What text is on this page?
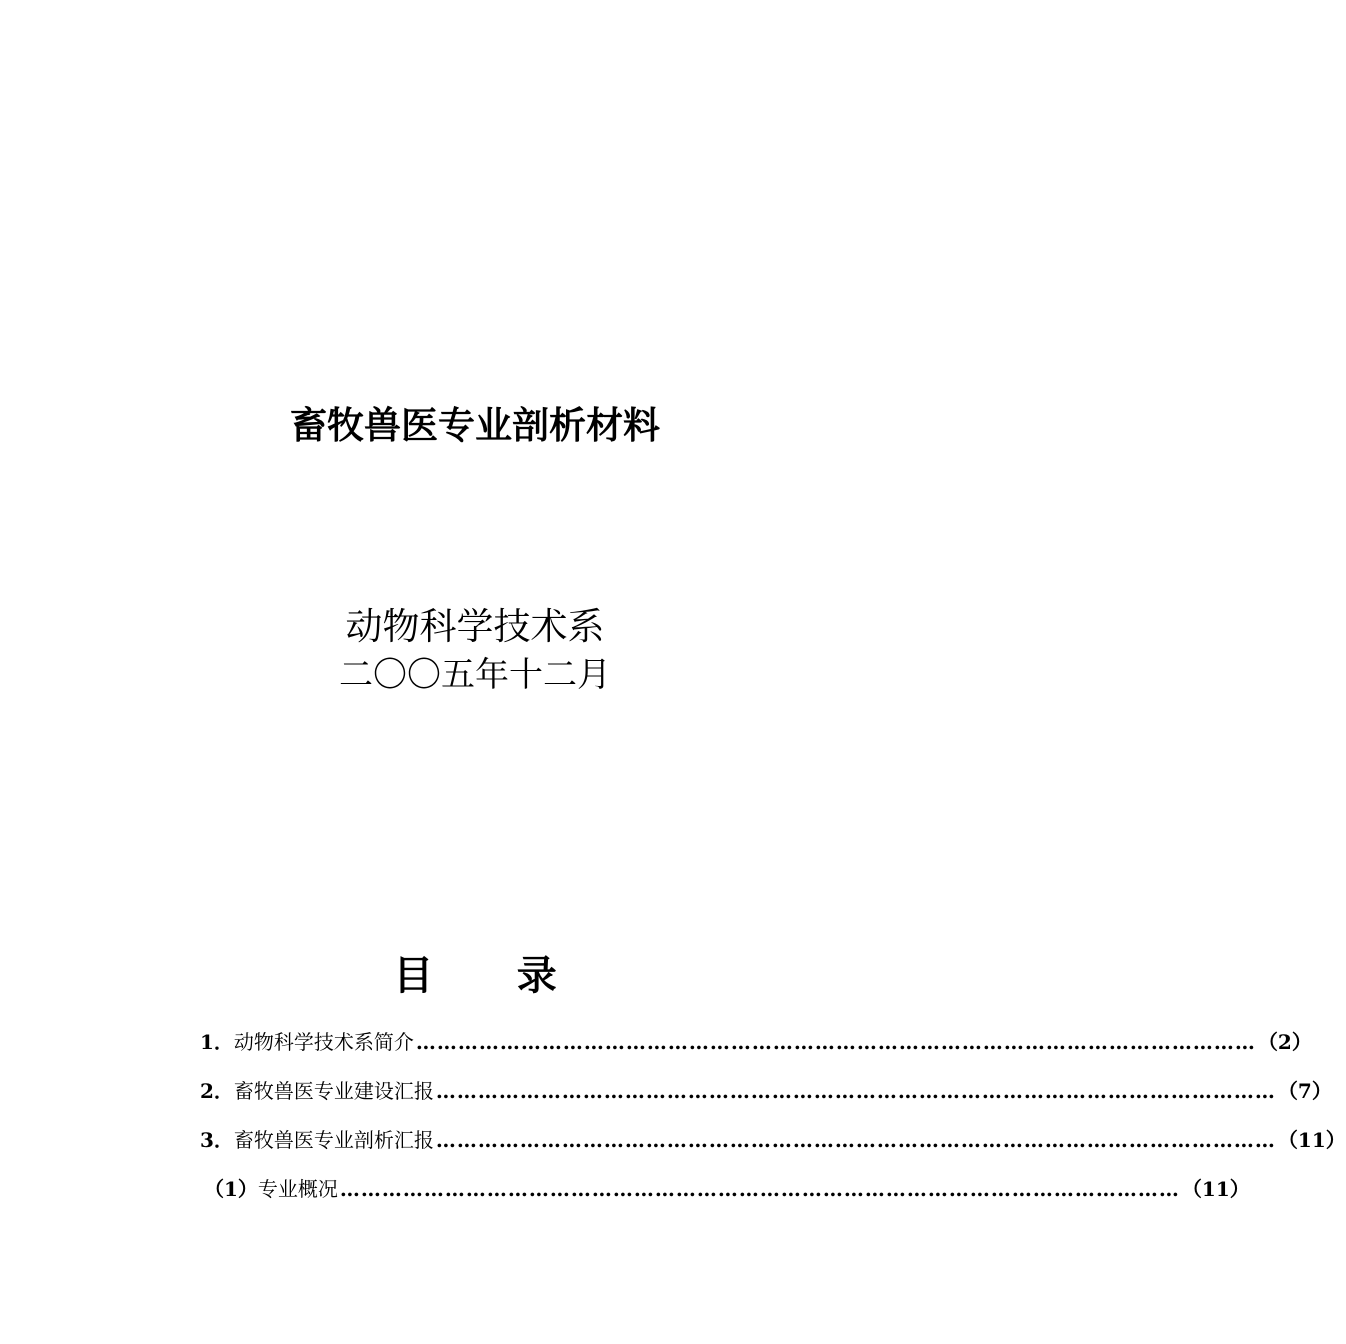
畜牧兽医专业剖析材料
动物科学技术系
二〇〇五年十二月
目      录
1． 动物科学技术系简介 ………………………………………………………………………………………………………… （2）
2． 畜牧兽医专业建设汇报 ………………………………………………………………………………………………………… （7）
3． 畜牧兽医专业剖析汇报 ………………………………………………………………………………………………………… （11）
（1） 专业概况 ………………………………………………………………………………………………………… （11）
